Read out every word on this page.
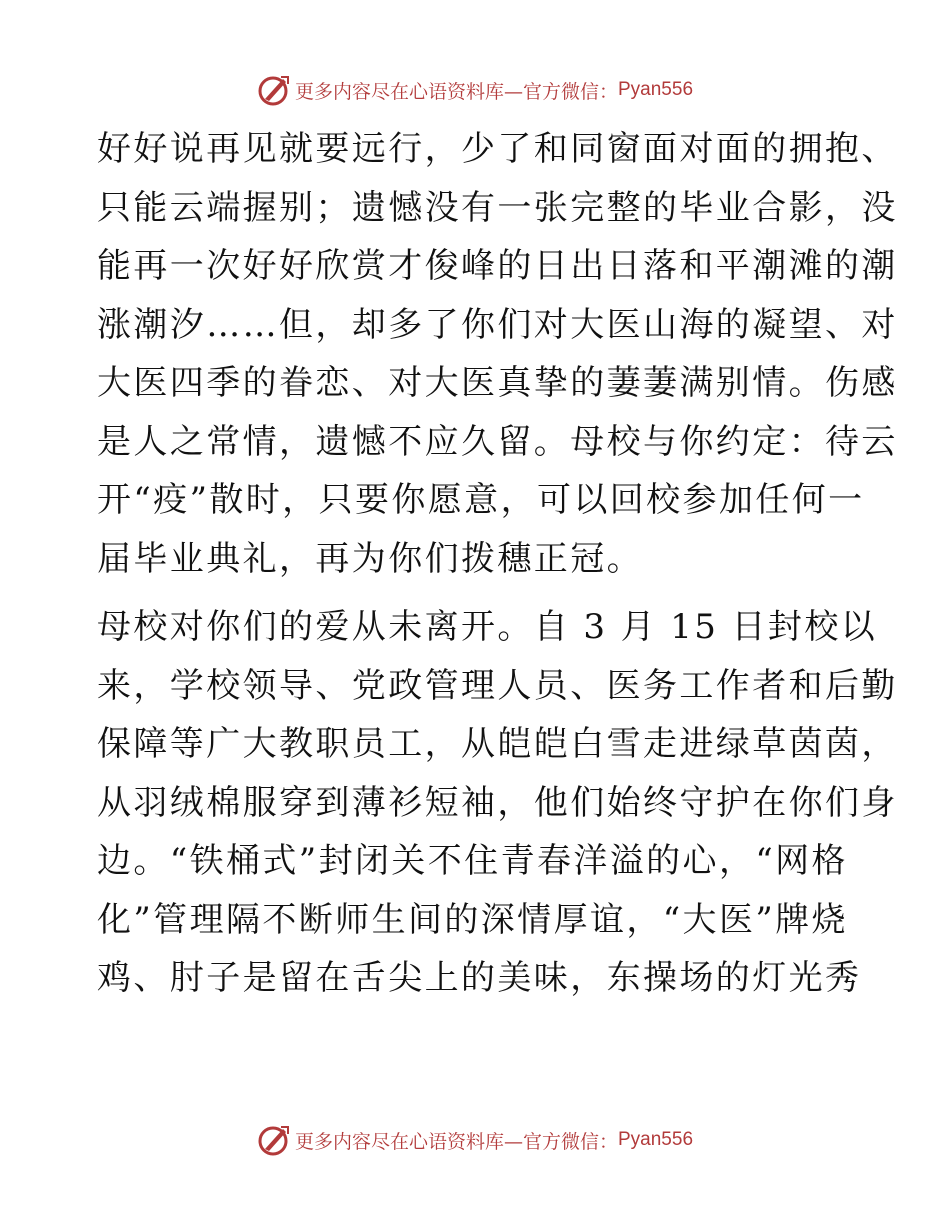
更多内容尽在心语资料库—官方微信： Pyan556
好好说再见就要远行，少了和同窗面对面的拥抱、
只能云端握别；遗憾没有一张完整的毕业合影，没
能再一次好好欣赏才俊峰的日出日落和平潮滩的潮
涨潮汐……但，却多了你们对大医山海的凝望、对
大医四季的眷恋、对大医真挚的萋萋满别情。伤感
是人之常情，遗憾不应久留。母校与你约定：待云
开“疫”散时，只要你愿意，可以回校参加任何一
届毕业典礼，再为你们拨穗正冠。
母校对你们的爱从未离开。自 3 月 15 日封校以
来，学校领导、党政管理人员、医务工作者和后勤
保障等广大教职员工，从皑皑白雪走进绿草茵茵，
从羽绒棉服穿到薄衫短袖，他们始终守护在你们身
边。“铁桶式”封闭关不住青春洋溢的心，“网格
化”管理隔不断师生间的深情厚谊，“大医”牌烧
鸡、肘子是留在舌尖上的美味，东操场的灯光秀
更多内容尽在心语资料库—官方微信： Pyan556
